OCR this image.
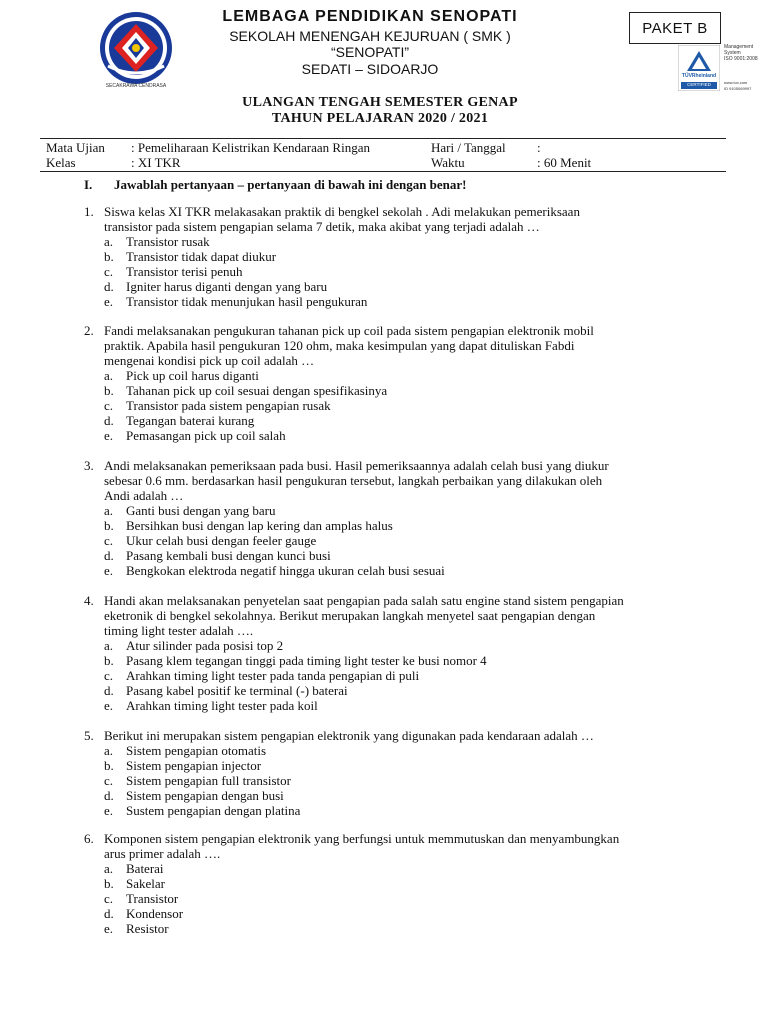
SECAKRAWA CENDRASA
LEMBAGA PENDIDIKAN SENOPATI
SEKOLAH MENENGAH KEJURUAN ( SMK )
“SENOPATI”
SEDATI – SIDOARJO
PAKET B
TÜVRheinland
CERTIFIED
Management
System
ISO 9001:2008
www.tuv.com
ID 9105069997
ULANGAN TENGAH SEMESTER GENAP
TAHUN PELAJARAN 2020 / 2021
Mata Ujian : Pemeliharaan Kelistrikan Kendaraan Ringan	Hari / Tanggal :
Kelas	: XI TKR	Waktu	: 60 Menit
I. Jawablah pertanyaan – pertanyaan di bawah ini dengan benar!
1. Siswa kelas XI TKR melakasakan praktik di bengkel sekolah . Adi melakukan pemeriksaan
transistor pada sistem pengapian selama 7 detik, maka akibat yang terjadi adalah …
a. Transistor rusak
b. Transistor tidak dapat diukur
c. Transistor terisi penuh
d. Igniter harus diganti dengan yang baru
e. Transistor tidak menunjukan hasil pengukuran
2. Fandi melaksanakan pengukuran tahanan pick up coil pada sistem pengapian elektronik mobil
praktik. Apabila hasil pengukuran 120 ohm, maka kesimpulan yang dapat dituliskan Fabdi
mengenai kondisi pick up coil adalah …
a. Pick up coil harus diganti
b. Tahanan pick up coil sesuai dengan spesifikasinya
c. Transistor pada sistem pengapian rusak
d. Tegangan baterai kurang
e. Pemasangan pick up coil salah
3. Andi melaksanakan pemeriksaan pada busi. Hasil pemeriksaannya adalah celah busi yang diukur
sebesar 0.6 mm. berdasarkan hasil pengukuran tersebut, langkah perbaikan yang dilakukan oleh
Andi adalah …
a. Ganti busi dengan yang baru
b. Bersihkan busi dengan lap kering dan amplas halus
c. Ukur celah busi dengan feeler gauge
d. Pasang kembali busi dengan kunci busi
e. Bengkokan elektroda negatif hingga ukuran celah busi sesuai
4. Handi akan melaksanakan penyetelan saat pengapian pada salah satu engine stand sistem pengapian
eketronik di bengkel sekolahnya. Berikut merupakan langkah menyetel saat pengapian dengan
timing light tester adalah ….
a. Atur silinder pada posisi top 2
b. Pasang klem tegangan tinggi pada timing light tester ke busi nomor 4
c. Arahkan timing light tester pada tanda pengapian di puli
d. Pasang kabel positif ke terminal (-) baterai
e. Arahkan timing light tester pada koil
5. Berikut ini merupakan sistem pengapian elektronik yang digunakan pada kendaraan adalah …
a. Sistem pengapian otomatis
b. Sistem pengapian injector
c. Sistem pengapian full transistor
d. Sistem pengapian dengan busi
e. Sustem pengapian dengan platina
6. Komponen sistem pengapian elektronik yang berfungsi untuk memmutuskan dan menyambungkan
arus primer adalah ….
a. Baterai
b. Sakelar
c. Transistor
d. Kondensor
e. Resistor
